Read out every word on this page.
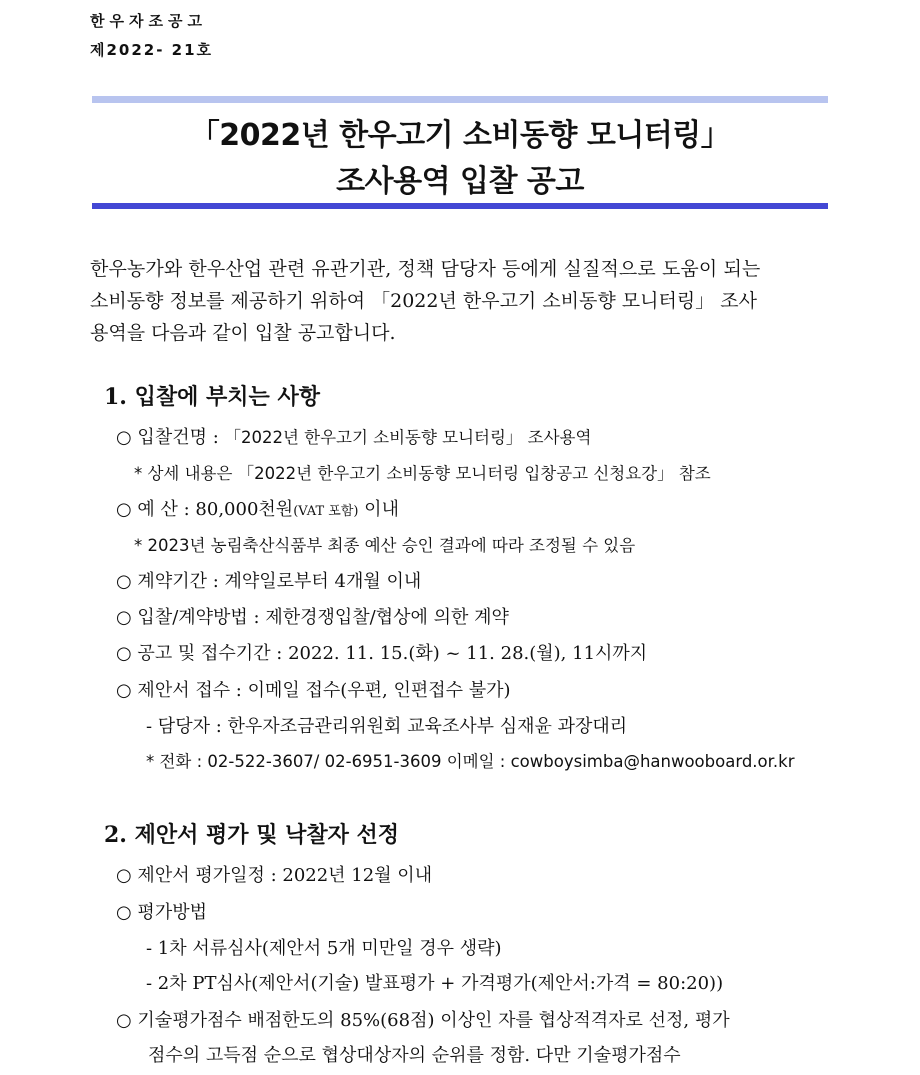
한우자조공고
제2022- 21호
「2022년 한우고기 소비동향 모니터링」
조사용역 입찰 공고
한우농가와 한우산업 관련 유관기관, 정책 담당자 등에게 실질적으로 도움이 되는
소비동향 정보를 제공하기 위하여 「2022년 한우고기 소비동향 모니터링」 조사
용역을 다음과 같이 입찰 공고합니다.
1. 입찰에 부치는 사항
○ 입찰건명 : 「2022년 한우고기 소비동향 모니터링」 조사용역
* 상세 내용은 「2022년 한우고기 소비동향 모니터링 입창공고 신청요강」 참조
○ 예 산 : 80,000천원(VAT 포함) 이내
* 2023년 농림축산식품부 최종 예산 승인 결과에 따라 조정될 수 있음
○ 계약기간 : 계약일로부터 4개월 이내
○ 입찰/계약방법 : 제한경쟁입찰/협상에 의한 계약
○ 공고 및 접수기간 : 2022. 11. 15.(화) ~ 11. 28.(월), 11시까지
○ 제안서 접수 : 이메일 접수(우편, 인편접수 불가)
- 담당자 : 한우자조금관리위원회 교육조사부 심재윤 과장대리
* 전화 : 02-522-3607/ 02-6951-3609 이메일 : cowboysimba@hanwooboard.or.kr
2. 제안서 평가 및 낙찰자 선정
○ 제안서 평가일정 : 2022년 12월 이내
○ 평가방법
- 1차 서류심사(제안서 5개 미만일 경우 생략)
- 2차 PT심사(제안서(기술) 발표평가 + 가격평가(제안서:가격 = 80:20))
○ 기술평가점수 배점한도의 85%(68점) 이상인 자를 협상적격자로 선정, 평가
점수의 고득점 순으로 협상대상자의 순위를 정함. 다만 기술평가점수
